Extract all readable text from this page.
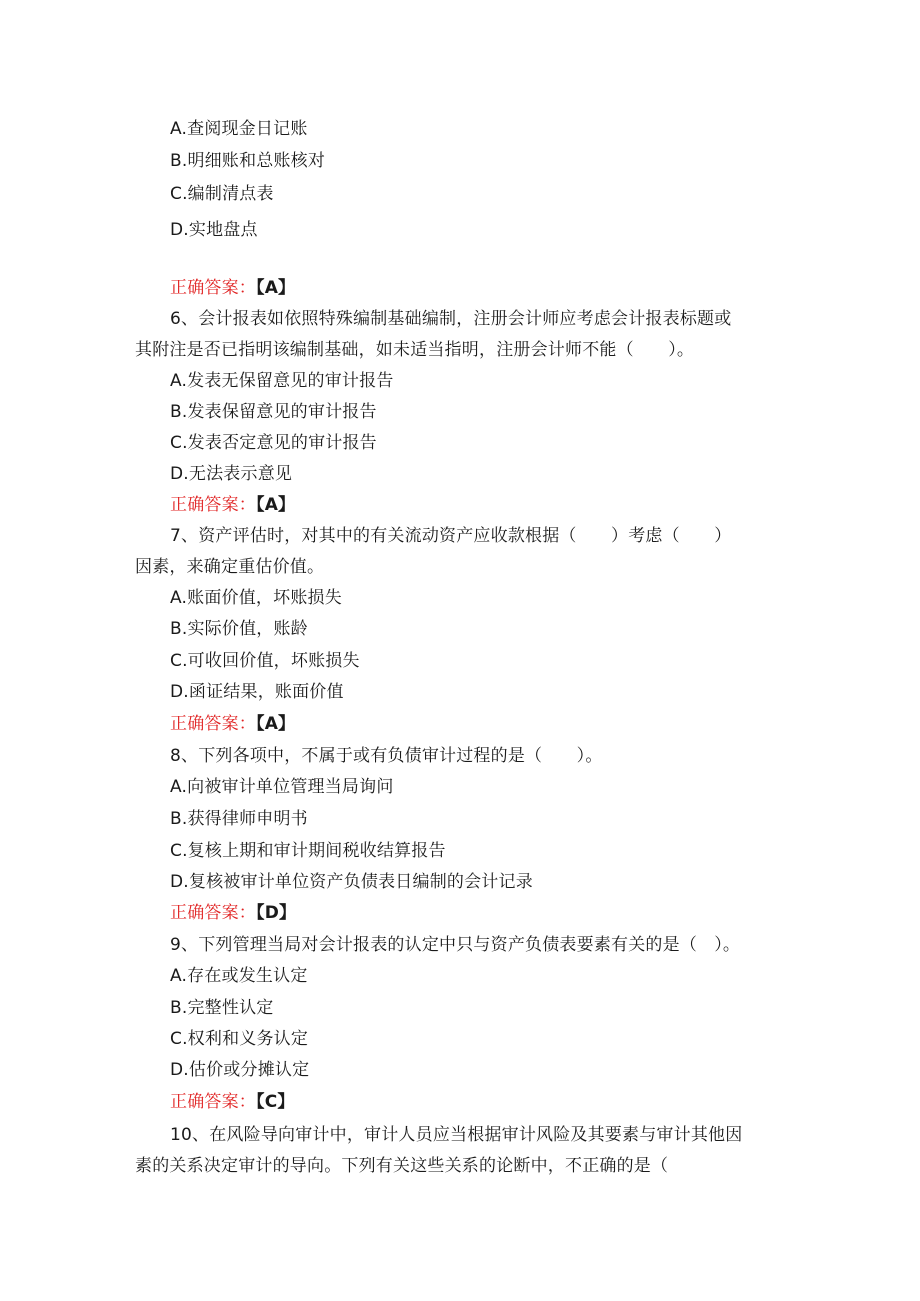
A.查阅现金日记账
B.明细账和总账核对
C.编制清点表
D.实地盘点
正确答案：【A】
6、会计报表如依照特殊编制基础编制，注册会计师应考虑会计报表标题或
其附注是否已指明该编制基础，如未适当指明，注册会计师不能（　　）。
A.发表无保留意见的审计报告
B.发表保留意见的审计报告
C.发表否定意见的审计报告
D.无法表示意见
正确答案：【A】
7、资产评估时，对其中的有关流动资产应收款根据（　　）考虑（　　）
因素，来确定重估价值。
A.账面价值，坏账损失
B.实际价值，账龄
C.可收回价值，坏账损失
D.函证结果，账面价值
正确答案：【A】
8、下列各项中，不属于或有负债审计过程的是（　　）。
A.向被审计单位管理当局询问
B.获得律师申明书
C.复核上期和审计期间税收结算报告
D.复核被审计单位资产负债表日编制的会计记录
正确答案：【D】
9、下列管理当局对会计报表的认定中只与资产负债表要素有关的是（　）。
A.存在或发生认定
B.完整性认定
C.权利和义务认定
D.估价或分摊认定
正确答案：【C】
10、在风险导向审计中，审计人员应当根据审计风险及其要素与审计其他因
素的关系决定审计的导向。下列有关这些关系的论断中，不正确的是（
